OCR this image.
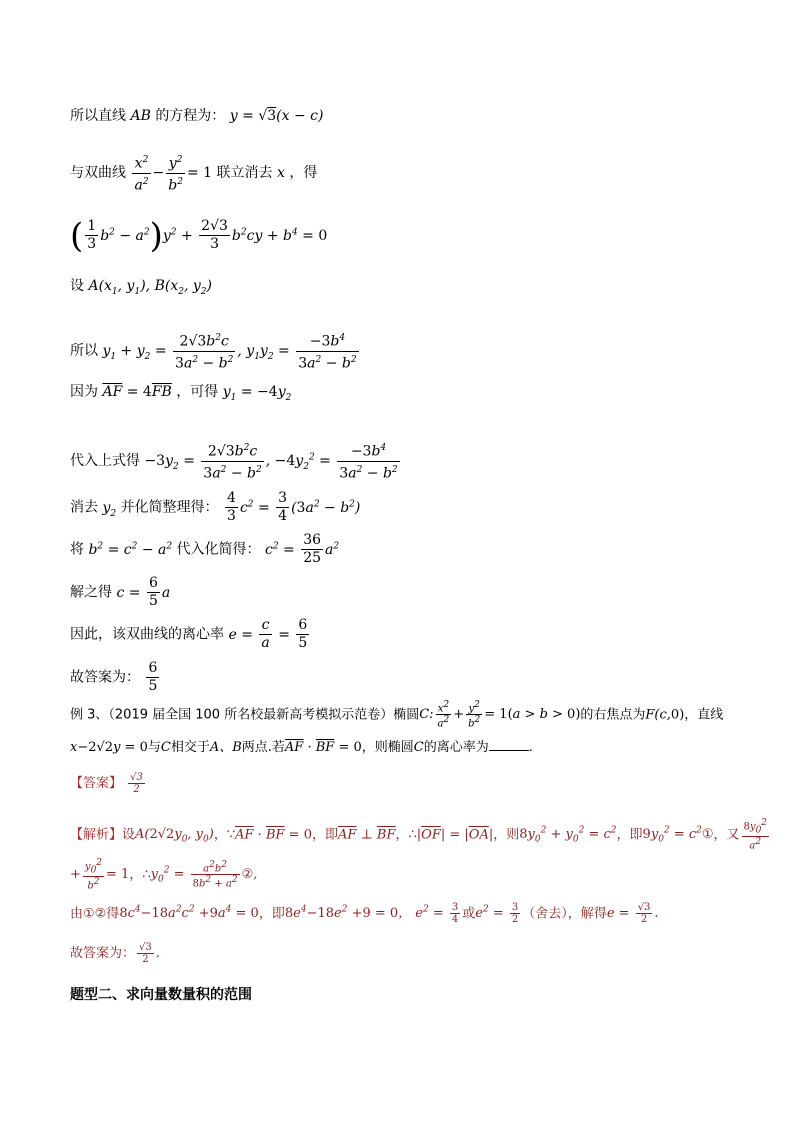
所以直线 AB 的方程为： y = √3(x − c)
与双曲线 $\frac{x^2}{a^2} - \frac{y^2}{b^2} = 1$ 联立消去 x ，得
( $\frac{1}{3} b^2 - a^2)y^2 + \frac{2√3}{3} b^2cy + b^4 = 0$
设 $A(x_1$, $y_1$), $B(x_2$, $y_2$)
所以 $y_1 + y_2 = \frac{2√3b^2c}{3a^2 - b^2}$ , $y_1y_2 = \frac{-3b^4}{3a^2 - b^2}$
因为 $\overline{AF} = 4\overline{FB}$ ，可得 $y_1 = -4y_2$
代入上式得 $-3y_2 = \frac{2√3b^2c}{3a^2 - b^2}$ , $-4y_2^2 = \frac{-3b^4}{3a^2 - b^2}$
消去 $y_2$ 并化简整理得： $\frac{4}{3} c^2 = \frac{3}{4} (3a^2 - b^2)$
将 $b^2 = c^2 - a^2$ 代入化简得： $c^2 = \frac{36}{25} a^2$
解之得 $c = \frac{6}{5}$ a
因此，该双曲线的离心率 $e = \frac{c}{a} = \frac{6}{5}$
故答案为： $\frac{6}{5}$
例 3、（2019 届全国 100 所名校最新高考模拟示范卷）椭圆C: $\frac{x^2}{a^2} + \frac{y^2}{b^2} = 1(a > b > 0)$的右焦点为F(c,0)，直线
x−2√2y = 0与C相交于A、B两点.若$\overline{AF} \cdot \overline{BF} = 0$，则椭圆C的离心率为	.
【答案】 $\frac{√3}{2}$
【解析】设$A(2√2y_0$, $y_0$)，$\because\overline{AF} \cdot \overline{BF} = 0$，即$\overline{AF}$ ⊥ $\overline{BF}$，$\therefore|\overline{OF}| = |\overline{OA}|$，则$8y_0^2 + y_0^2 = c^2$，即$9y_0^2$ = $c^2①$，又 $\frac{8y_0^2}{a^2}$
+ $\frac{y_0^2}{b^2} = 1$，$\therefore y_0^2 = \frac{a^2b^2}{8b^2 + a^2}$ ②,
由①②得$8c^4-18a^2c^2 +9a^4 = 0$，即$8e^4-18e^2 +9 = 0$， $e^2 = \frac{3}{4}$ 或$e^2 = \frac{3}{2}$ （舍去），解得$e = \frac{√3}{2}$ .
故答案为： $\frac{√3}{2}$ .
题型二、求向量数量积的范围
